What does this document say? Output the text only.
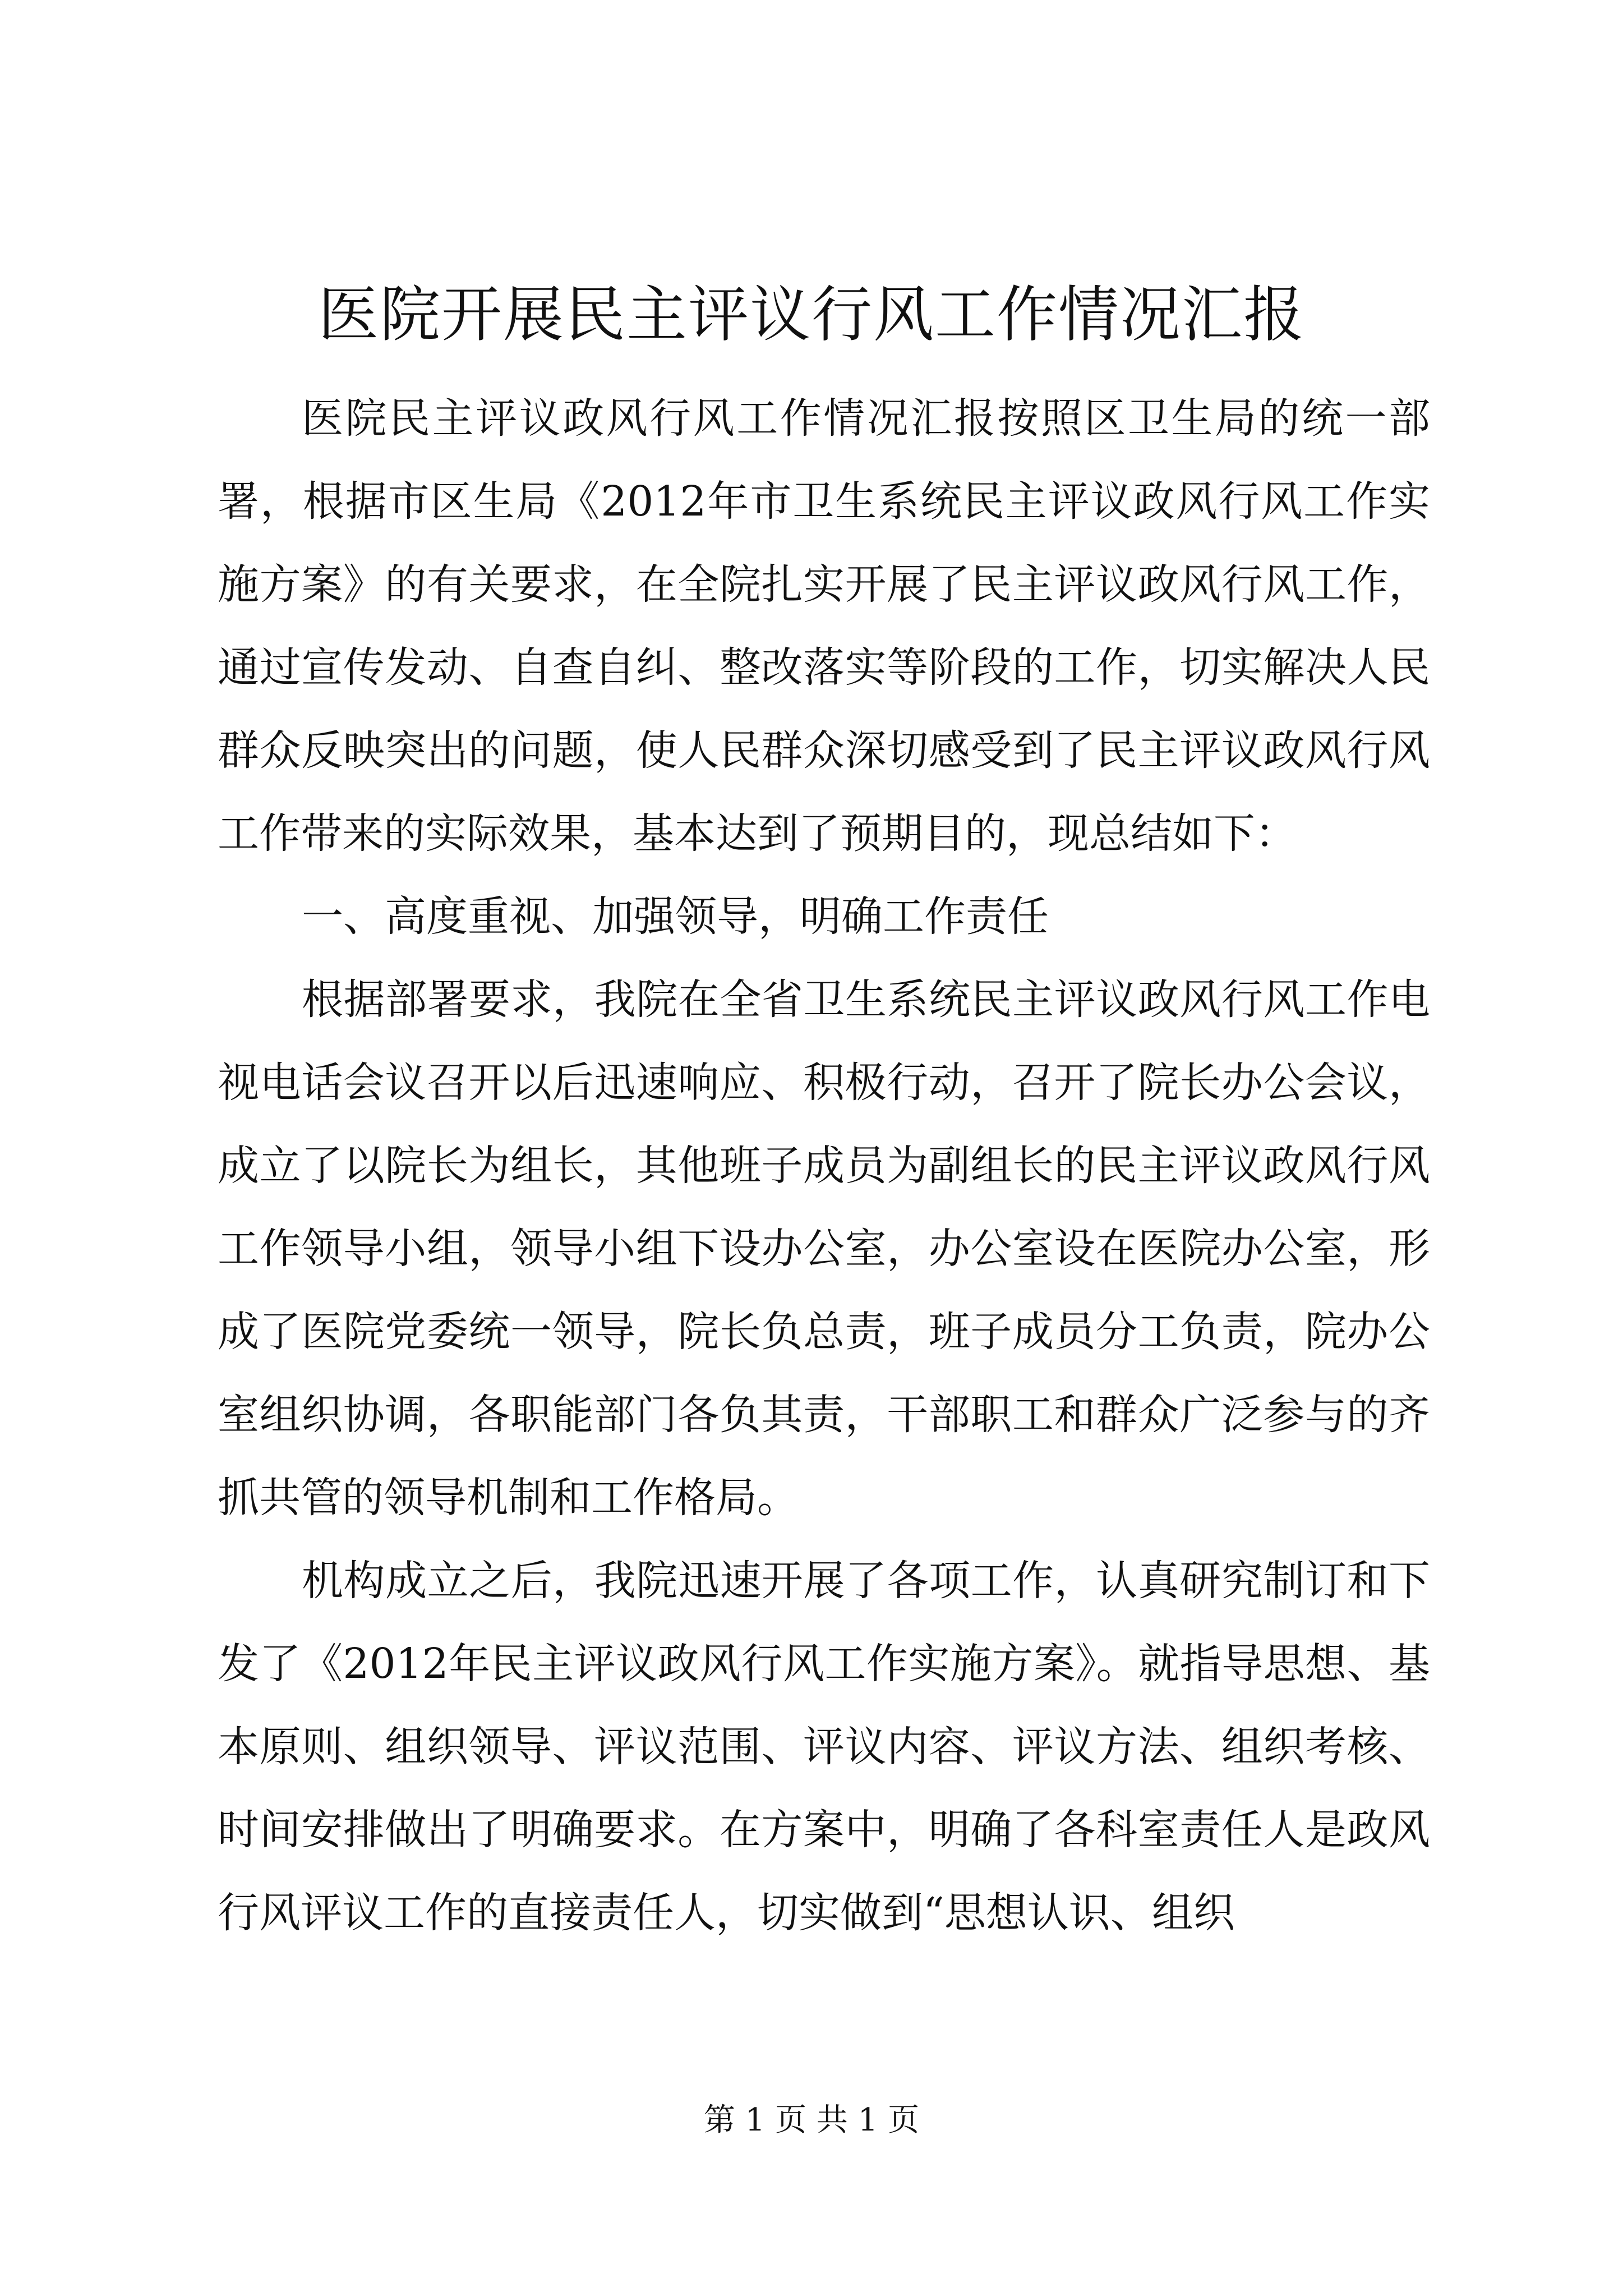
医院开展民主评议行风工作情况汇报

医院民主评议政风行风工作情况汇报按照区卫生局的统一部署，根据市区生局《2012年市卫生系统民主评议政风行风工作实施方案》的有关要求，在全院扎实开展了民主评议政风行风工作，通过宣传发动、自查自纠、整改落实等阶段的工作，切实解决人民群众反映突出的问题，使人民群众深切感受到了民主评议政风行风工作带来的实际效果，基本达到了预期目的，现总结如下：

一、高度重视、加强领导，明确工作责任

根据部署要求，我院在全省卫生系统民主评议政风行风工作电视电话会议召开以后迅速响应、积极行动，召开了院长办公会议，成立了以院长为组长，其他班子成员为副组长的民主评议政风行风工作领导小组，领导小组下设办公室，办公室设在医院办公室，形成了医院党委统一领导，院长负总责，班子成员分工负责，院办公室组织协调，各职能部门各负其责，干部职工和群众广泛参与的齐抓共管的领导机制和工作格局。

机构成立之后，我院迅速开展了各项工作，认真研究制订和下发了《2012年民主评议政风行风工作实施方案》。就指导思想、基本原则、组织领导、评议范围、评议内容、评议方法、组织考核、时间安排做出了明确要求。在方案中，明确了各科室责任人是政风行风评议工作的直接责任人，切实做到“思想认识、组织

第 1 页 共 1 页
